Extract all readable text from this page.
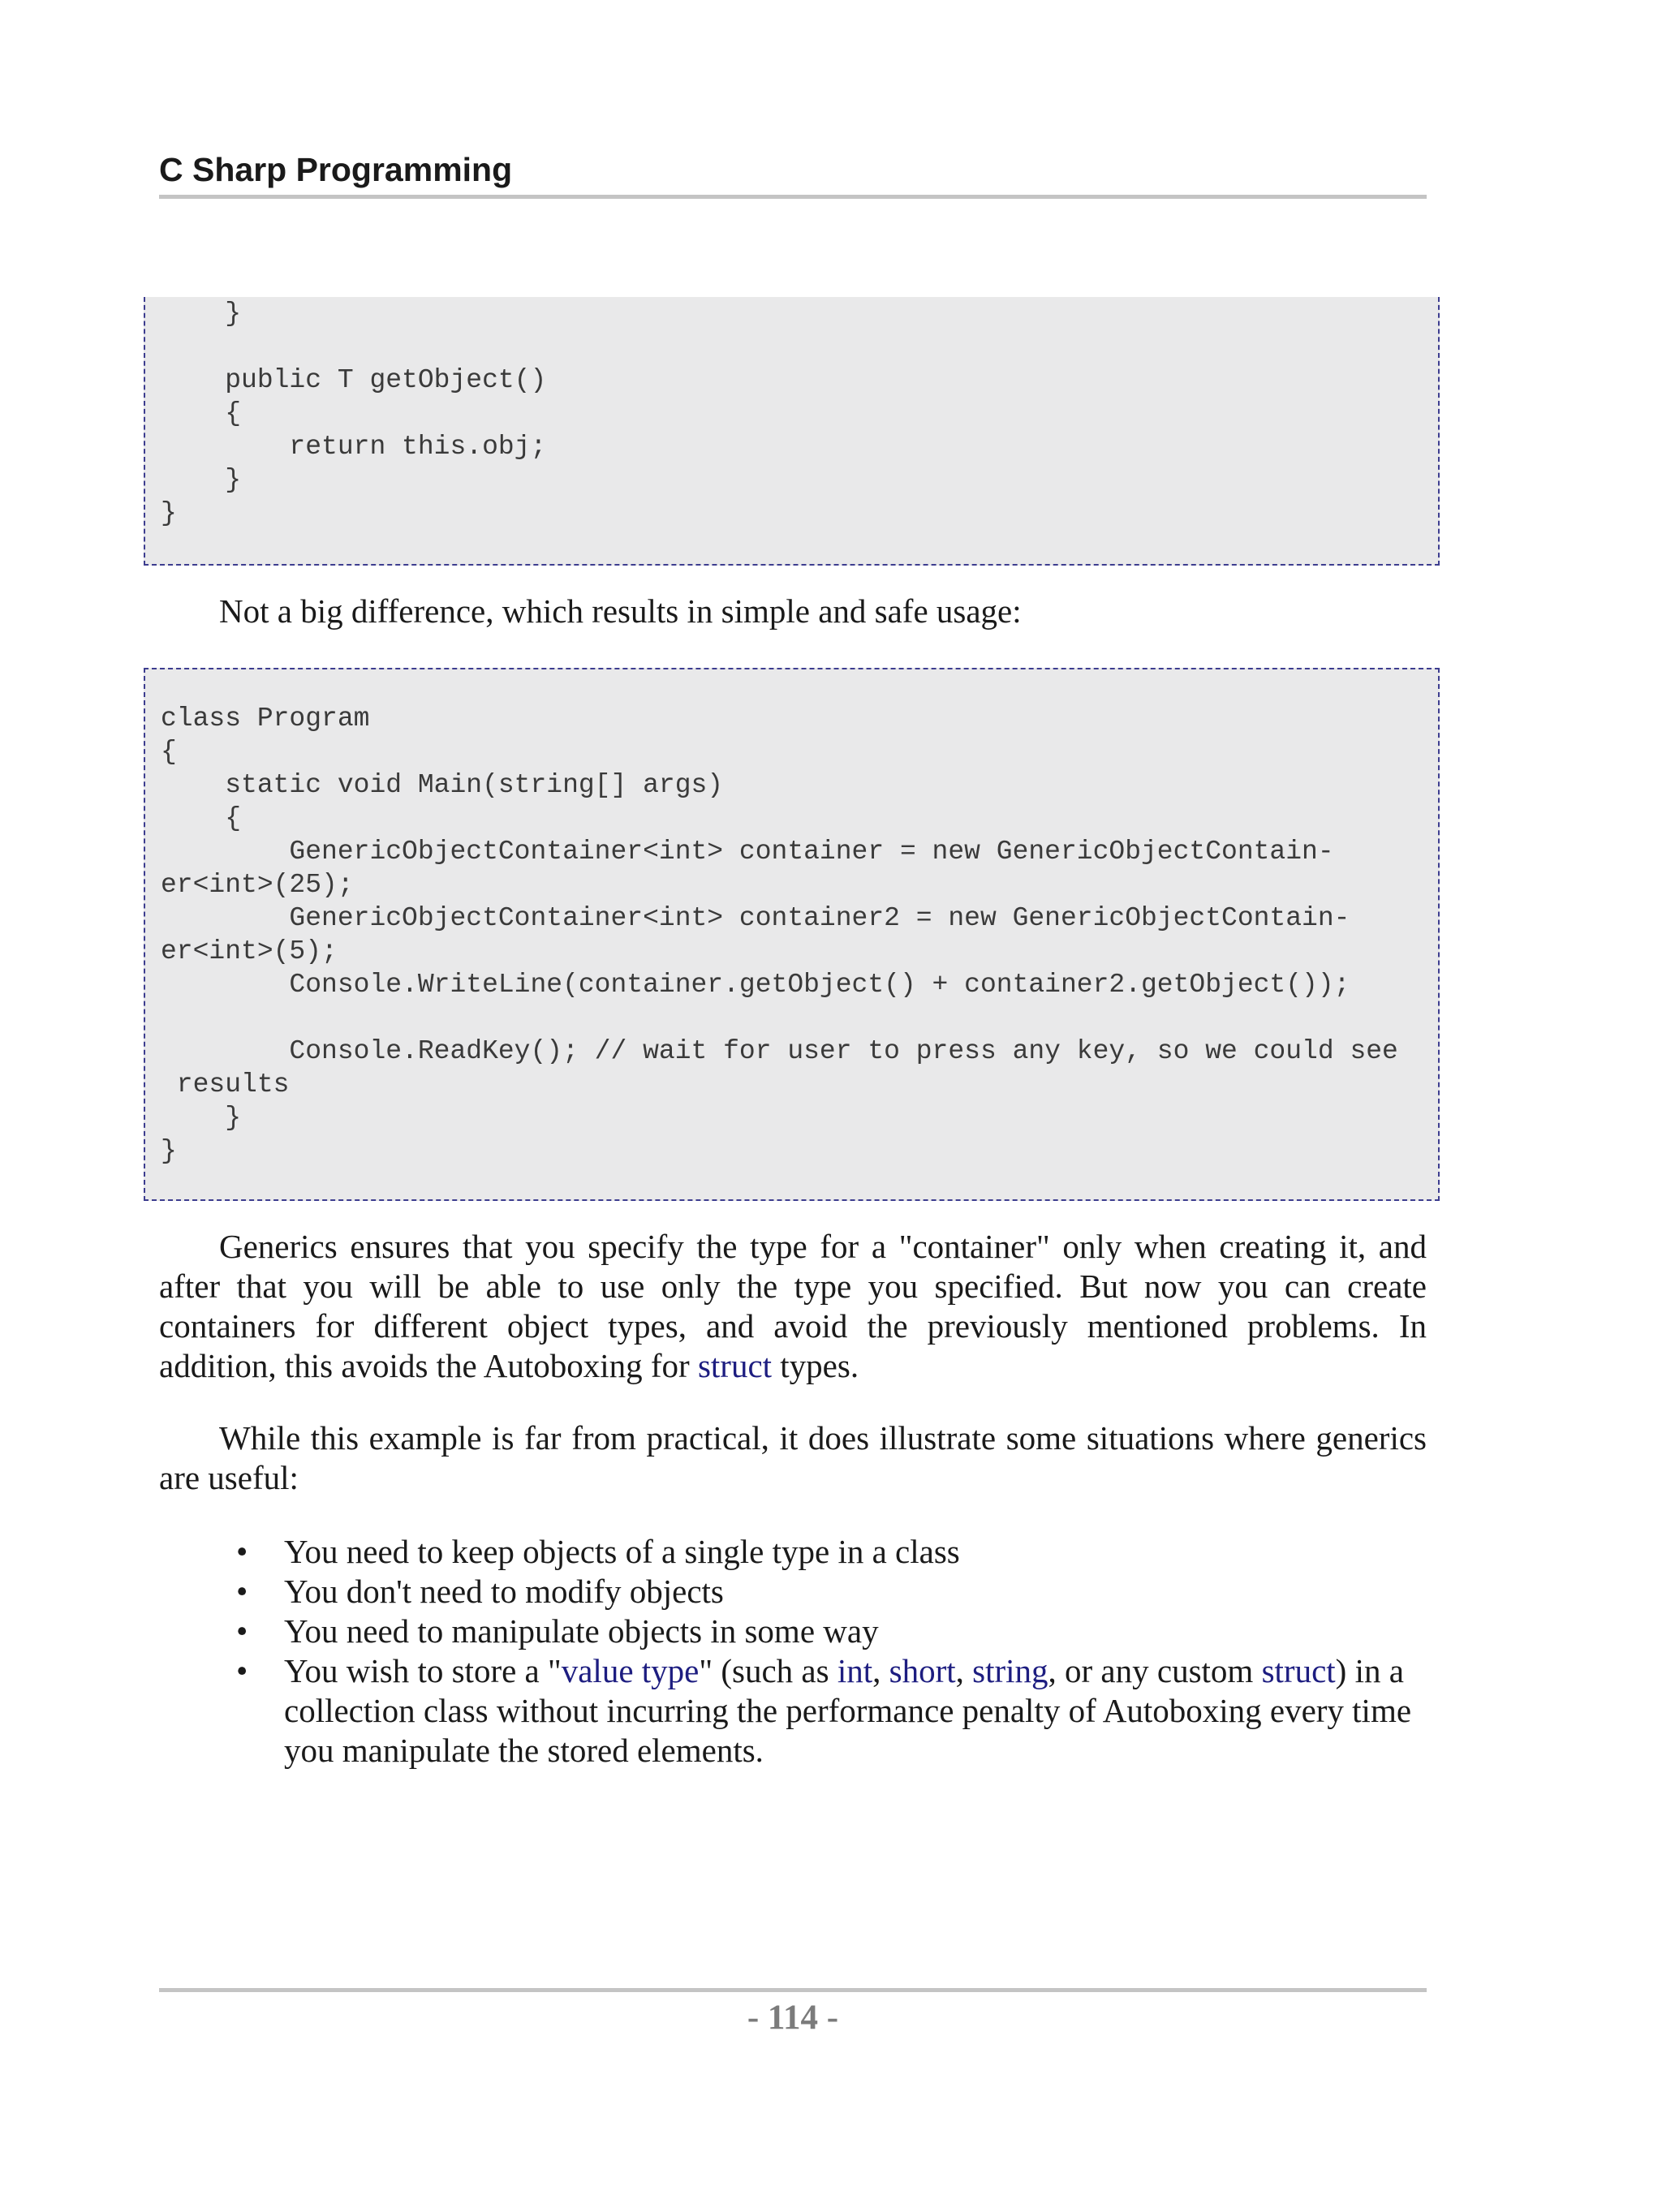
C Sharp Programming
}
public T getObject()
{
return this.obj;
}
}

Not a big difference, which results in simple and safe usage:

class Program
{
static void Main(string[] args)
{
GenericObjectContainer<int> container = new GenericObjectContain-
er<int>(25);
GenericObjectContainer<int> container2 = new GenericObjectContain-
er<int>(5);
Console.WriteLine(container.getObject() + container2.getObject());
Console.ReadKey(); // wait for user to press any key, so we could see
results
}
}

Generics ensures that you specify the type for a "container" only when creating it, and after that you will be able to use only the type you specified. But now you can create containers for different object types, and avoid the previously mentioned problems. In addition, this avoids the Autoboxing for struct types.

While this example is far from practical, it does illustrate some situations where generics are useful:

• You need to keep objects of a single type in a class
• You don't need to modify objects
• You need to manipulate objects in some way
• You wish to store a "value type" (such as int, short, string, or any custom struct) in a collection class without incurring the performance penalty of Autoboxing every time you manipulate the stored elements.
- 114 -
